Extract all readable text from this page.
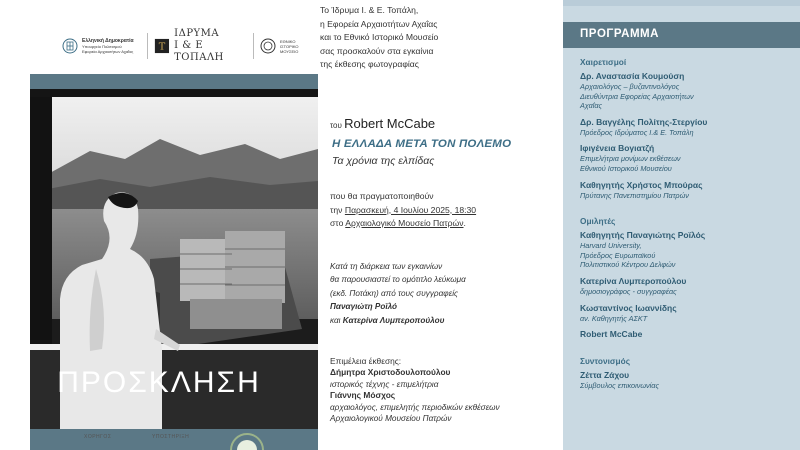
Ελληνική Δημοκρατία
Υπουργείο Πολιτισμού
Εφορεία Αρχαιοτήτων Αχαΐας T
ΙΔΡΥΜΑ
Ι & Ε ΤΟΠΑΛΗ
ΕΘΝΙΚΟ
ΙΣΤΟΡΙΚΟ
ΜΟΥΣΕΙΟ
ΠΡΟΣΚΛΗΣΗ
ΧΟΡΗΓΟΣ	ΥΠΟΣΤΗΡΙΞΗ
Το Ίδρυμα Ι. & Ε. Τοπάλη,
η Εφορεία Αρχαιοτήτων Αχαΐας
και το Εθνικό Ιστορικό Μουσείο
σας προσκαλούν στα εγκαίνια
της έκθεσης φωτογραφίας
του Robert McCabe
Η ΕΛΛΑΔΑ ΜΕΤΑ ΤΟΝ ΠΟΛΕΜΟ
Τα χρόνια της ελπίδας
που θα πραγματοποιηθούν
την Παρασκευή, 4 Ιουλίου 2025, 18:30
στο Αρχαιολογικό Μουσείο Πατρών.
Κατά τη διάρκεια των εγκαινίων
θα παρουσιαστεί το ομότιτλο λεύκωμα
(εκδ. Ποτάκη) από τους συγγραφείς
Παναγιώτη Ροϊλό
και Κατερίνα Λυμπεροπούλου
Επιμέλεια έκθεσης:
Δήμητρα Χριστοδουλοπούλου
ιστορικός τέχνης - επιμελήτρια
Γιάννης Μόσχος
αρχαιολόγος, επιμελητής περιοδικών εκθέσεων
Αρχαιολογικού Μουσείου Πατρών
ΠΡΟΓΡΑΜΜΑ
Χαιρετισμοί
Δρ. Αναστασία Κουμούση
Αρχαιολόγος – βυζαντινολόγος
Διευθύντρια Εφορείας Αρχαιοτήτων
Αχαΐας
Δρ. Βαγγέλης Πολίτης-Στεργίου
Πρόεδρος Ιδρύματος Ι.& Ε. Τοπάλη
Ιφιγένεια Βογιατζή
Επιμελήτρια μονίμων εκθέσεων
Εθνικού Ιστορικού Μουσείου
Καθηγητής Χρήστος Μπούρας
Πρύτανης Πανεπιστημίου Πατρών
Ομιλητές
Καθηγητής Παναγιώτης Ροϊλός
Harvard University,
Πρόεδρος Ευρωπαϊκού
Πολιτιστικού Κέντρου Δελφών
Κατερίνα Λυμπεροπούλου
δημοσιογράφος - συγγραφέας
Κωσταντίνος Ιωαννίδης
αν. Καθηγητής ΑΣΚΤ
Robert McCabe
Συντονισμός
Ζέττα Ζάχου
Σύμβουλος επικοινωνίας
